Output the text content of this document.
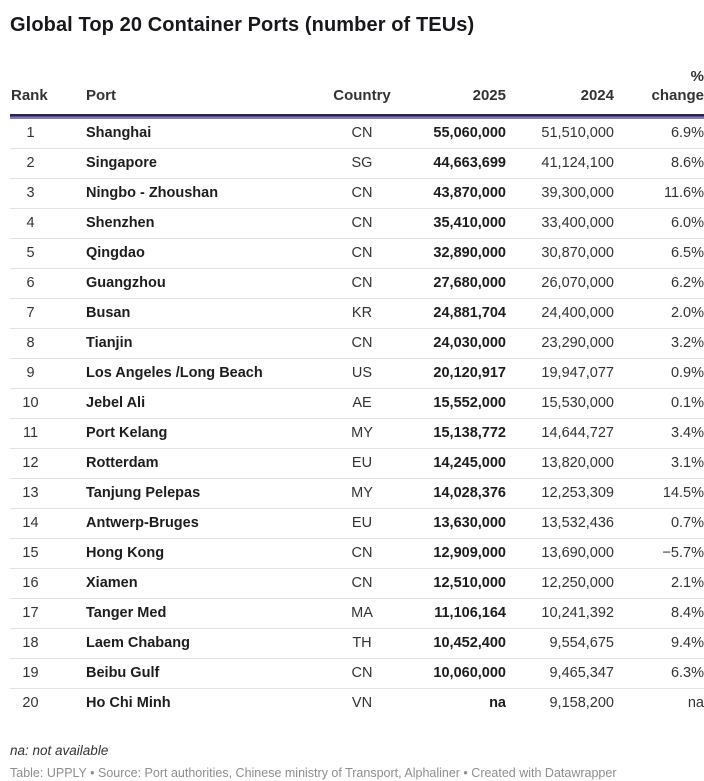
Global Top 20 Container Ports (number of TEUs)
Rank	Port	Country	2025	2024	%
change

1	Shanghai	CN	55,060,000	51,510,000	6.9%
2	Singapore	SG	44,663,699	41,124,100	8.6%
3	Ningbo - Zhoushan	CN	43,870,000	39,300,000	11.6%
4	Shenzhen	CN	35,410,000	33,400,000	6.0%
5	Qingdao	CN	32,890,000	30,870,000	6.5%
6	Guangzhou	CN	27,680,000	26,070,000	6.2%
7	Busan	KR	24,881,704	24,400,000	2.0%
8	Tianjin	CN	24,030,000	23,290,000	3.2%
9	Los Angeles /Long Beach	US	20,120,917	19,947,077	0.9%
10	Jebel Ali	AE	15,552,000	15,530,000	0.1%
11	Port Kelang	MY	15,138,772	14,644,727	3.4%
12	Rotterdam	EU	14,245,000	13,820,000	3.1%
13	Tanjung Pelepas	MY	14,028,376	12,253,309	14.5%
14	Antwerp-Bruges	EU	13,630,000	13,532,436	0.7%
15	Hong Kong	CN	12,909,000	13,690,000	−5.7%
16	Xiamen	CN	12,510,000	12,250,000	2.1%
17	Tanger Med	MA	11,106,164	10,241,392	8.4%
18	Laem Chabang	TH	10,452,400	9,554,675	9.4%
19	Beibu Gulf	CN	10,060,000	9,465,347	6.3%
20	Ho Chi Minh	VN	na	9,158,200	na

na: not available

Table: UPPLY • Source: Port authorities, Chinese ministry of Transport, Alphaliner • Created with Datawrapper
